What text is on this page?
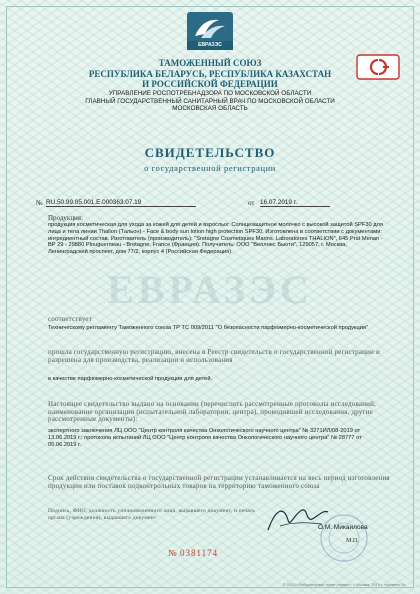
ЕВРАЗЭС
ТАМОЖЕННЫЙ СОЮЗ
РЕСПУБЛИКА БЕЛАРУСЬ, РЕСПУБЛИКА КАЗАХСТАН
И РОССИЙСКОЙ ФЕДЕРАЦИИ
УПРАВЛЕНИЕ РОСПОТРЕБНАДЗОРА ПО МОСКОВСКОЙ ОБЛАСТИ
ГЛАВНЫЙ ГОСУДАРСТВЕННЫЙ САНИТАРНЫЙ ВРАЧ ПО МОСКОВСКОЙ ОБЛАСТИ
МОСКОВСКАЯ ОБЛАСТЬ
СВИДЕТЕЛЬСТВО
о государственной регистрации
№ RU.50.99.05.001.Е.000363.07.19	от 16.07.2019 г.
Продукция:
продукция косметическая для ухода за кожей для детей и взрослых: Солнцезащитное молочко с высокой защитой SPF30 для лица и тела линии Thalion (Тальон) - Face & body sun lotion high protection SPF30. Изготовлена в соответствии с документами: ингредиентный состав. Изготовитель (производитель): "Sretagne Cosmetiques Marins. Laboratoires THALION", 645 Prat Menan -BP 29 - 29880 Plouguerneau - Bretagne, France (Франция). Получатель: ООО "Веллнес Бьюти", 125057, г. Москва, Ленинградский проспект, дом 77/2, корпус 4 (Российская Федерация).
ЕВРАЗЭС
соответствует
Техническому регламенту Таможенного союза ТР ТС 009/2011 "О безопасности парфюмерно-косметической продукции"
прошла государственную регистрацию, внесена в Реестр свидетельств о государственной регистрации и разрешена для производства, реализации и использования
в качестве парфюмерно-косметической продукции для детей.
Настоящее свидетельство выдано на основании (перечислить рассмотренные протоколы исследований, наименование организации (испытательной лаборатории, центра), проводившей исследования, другие рассмотренные документы):
экспертного заключения ЛЦ ООО "Центр контроля качества Онкологического научного центра" № 3271ИЛ/08-2019 от 13.06.2019 г.; протокола испытаний ЛЦ ООО "Центр контроля качества Онкологического научного центра" № 28777 от 05.06.2019 г.
Срок действия свидетельства о государственной регистрации устанавливается на весь период изготовления продукции или поставок подконтрольных товаров на территорию таможенного союза
Подпись, ФИО, должность уполномоченного лица, выдавшего документ, и печать органа (учреждения), выдавшего документ
О.М. Микаилова
М.П.
№ 0381174
© ООО «Лабораторный принт-сервис», г. Москва, 2019 г. «уровень Б»
